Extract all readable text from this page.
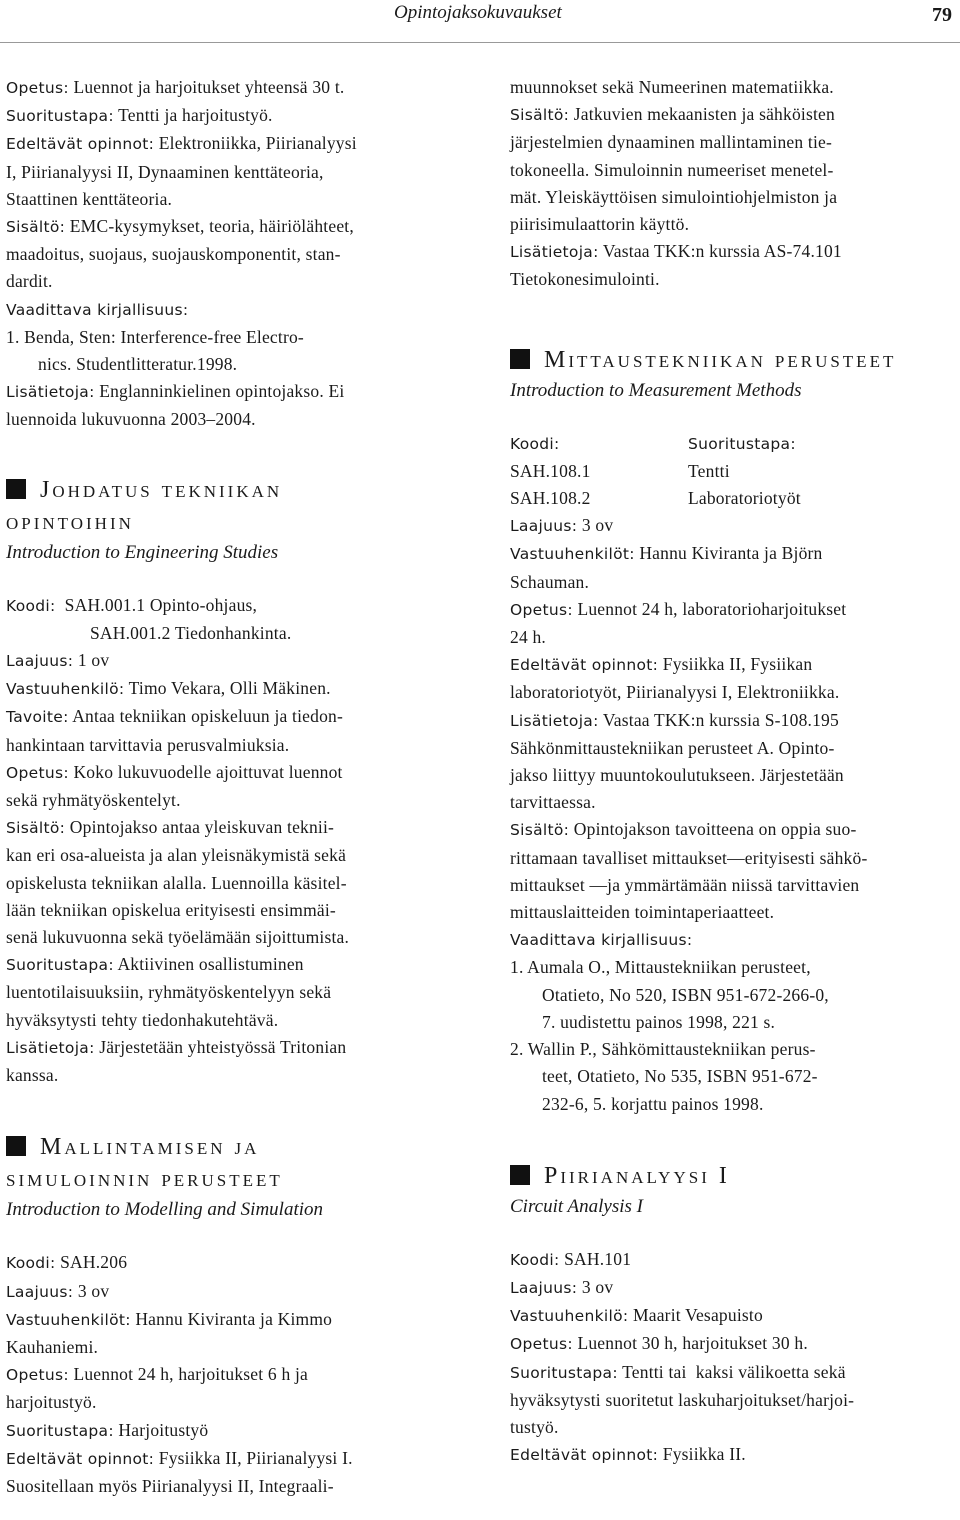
Opintojaksokuvaukset	79

Opetus: Luennot ja harjoitukset yhteensä 30 t.

Suoritustapa: Tentti ja harjoitustyö.

Edeltävät opinnot: Elektroniikka, Piirianalyysi

I, Piirianalyysi II, Dynaaminen kenttäteoria,

Staattinen kenttäteoria.

Sisältö: EMC-kysymykset, teoria, häiriölähteet,

maadoitus, suojaus, suojauskomponentit, stan-

dardit.

Vaadittava kirjallisuus:

1. Benda, Sten: Interference-free Electro-

nics. Studentlitteratur.1998.

Lisätietoja: Englanninkielinen opintojakso. Ei

luennoida lukuvuonna 2003–2004.

Johdatus tekniikan
opintoihin
Introduction to Engineering Studies

Koodi:  SAH.001.1 Opinto-ohjaus,

SAH.001.2 Tiedonhankinta.

Laajuus: 1 ov

Vastuuhenkilö: Timo Vekara, Olli Mäkinen.

Tavoite: Antaa tekniikan opiskeluun ja tiedon-

hankintaan tarvittavia perusvalmiuksia.

Opetus: Koko lukuvuodelle ajoittuvat luennot

sekä ryhmätyöskentelyt.

Sisältö: Opintojakso antaa yleiskuvan teknii-

kan eri osa-alueista ja alan yleisnäkymistä sekä

opiskelusta tekniikan alalla. Luennoilla käsitel-

lään tekniikan opiskelua erityisesti ensimmäi-

senä lukuvuonna sekä työelämään sijoittumista.

Suoritustapa: Aktiivinen osallistuminen

luentotilaisuuksiin, ryhmätyöskentelyyn sekä

hyväksytysti tehty tiedonhakutehtävä.

Lisätietoja: Järjestetään yhteistyössä Tritonian

kanssa.

Mallintamisen ja
simuloinnin perusteet
Introduction to Modelling and Simulation

Koodi: SAH.206

Laajuus: 3 ov

Vastuuhenkilöt: Hannu Kiviranta ja Kimmo

Kauhaniemi.

Opetus: Luennot 24 h, harjoitukset 6 h ja

harjoitustyö.

Suoritustapa: Harjoitustyö

Edeltävät opinnot: Fysiikka II, Piirianalyysi I.

Suositellaan myös Piirianalyysi II, Integraali-

muunnokset sekä Numeerinen matematiikka.

Sisältö: Jatkuvien mekaanisten ja sähköisten

järjestelmien dynaaminen mallintaminen tie-

tokoneella. Simuloinnin numeeriset menetel-

mät. Yleiskäyttöisen simulointiohjelmiston ja

piirisimulaattorin käyttö.

Lisätietoja: Vastaa TKK:n kurssia AS-74.101

Tietokonesimulointi.

Mittaustekniikan perusteet
Introduction to Measurement Methods

Koodi:	Suoritustapa:

SAH.108.1	Tentti

SAH.108.2	Laboratoriotyöt

Laajuus: 3 ov

Vastuuhenkilöt: Hannu Kiviranta ja Björn

Schauman.

Opetus: Luennot 24 h, laboratorioharjoitukset

24 h.

Edeltävät opinnot: Fysiikka II, Fysiikan

laboratoriotyöt, Piirianalyysi I, Elektroniikka.

Lisätietoja: Vastaa TKK:n kurssia S-108.195

Sähkönmittaustekniikan perusteet A. Opinto-

jakso liittyy muuntokoulutukseen. Järjestetään

tarvittaessa.

Sisältö: Opintojakson tavoitteena on oppia suo-

rittamaan tavalliset mittaukset—erityisesti sähkö-

mittaukset —ja ymmärtämään niissä tarvittavien

mittauslaitteiden toimintaperiaatteet.

Vaadittava kirjallisuus:

1. Aumala O., Mittaustekniikan perusteet,

Otatieto, No 520, ISBN 951-672-266-0,

7. uudistettu painos 1998, 221 s.

2. Wallin P., Sähkömittaustekniikan perus-

teet, Otatieto, No 535, ISBN 951-672-

232-6, 5. korjattu painos 1998.

Piirianalyysi I
Circuit Analysis I

Koodi: SAH.101

Laajuus: 3 ov

Vastuuhenkilö: Maarit Vesapuisto

Opetus: Luennot 30 h, harjoitukset 30 h.

Suoritustapa: Tentti tai  kaksi välikoetta sekä

hyväksytysti suoritetut laskuharjoitukset/harjoi-

tustyö.

Edeltävät opinnot: Fysiikka II.
